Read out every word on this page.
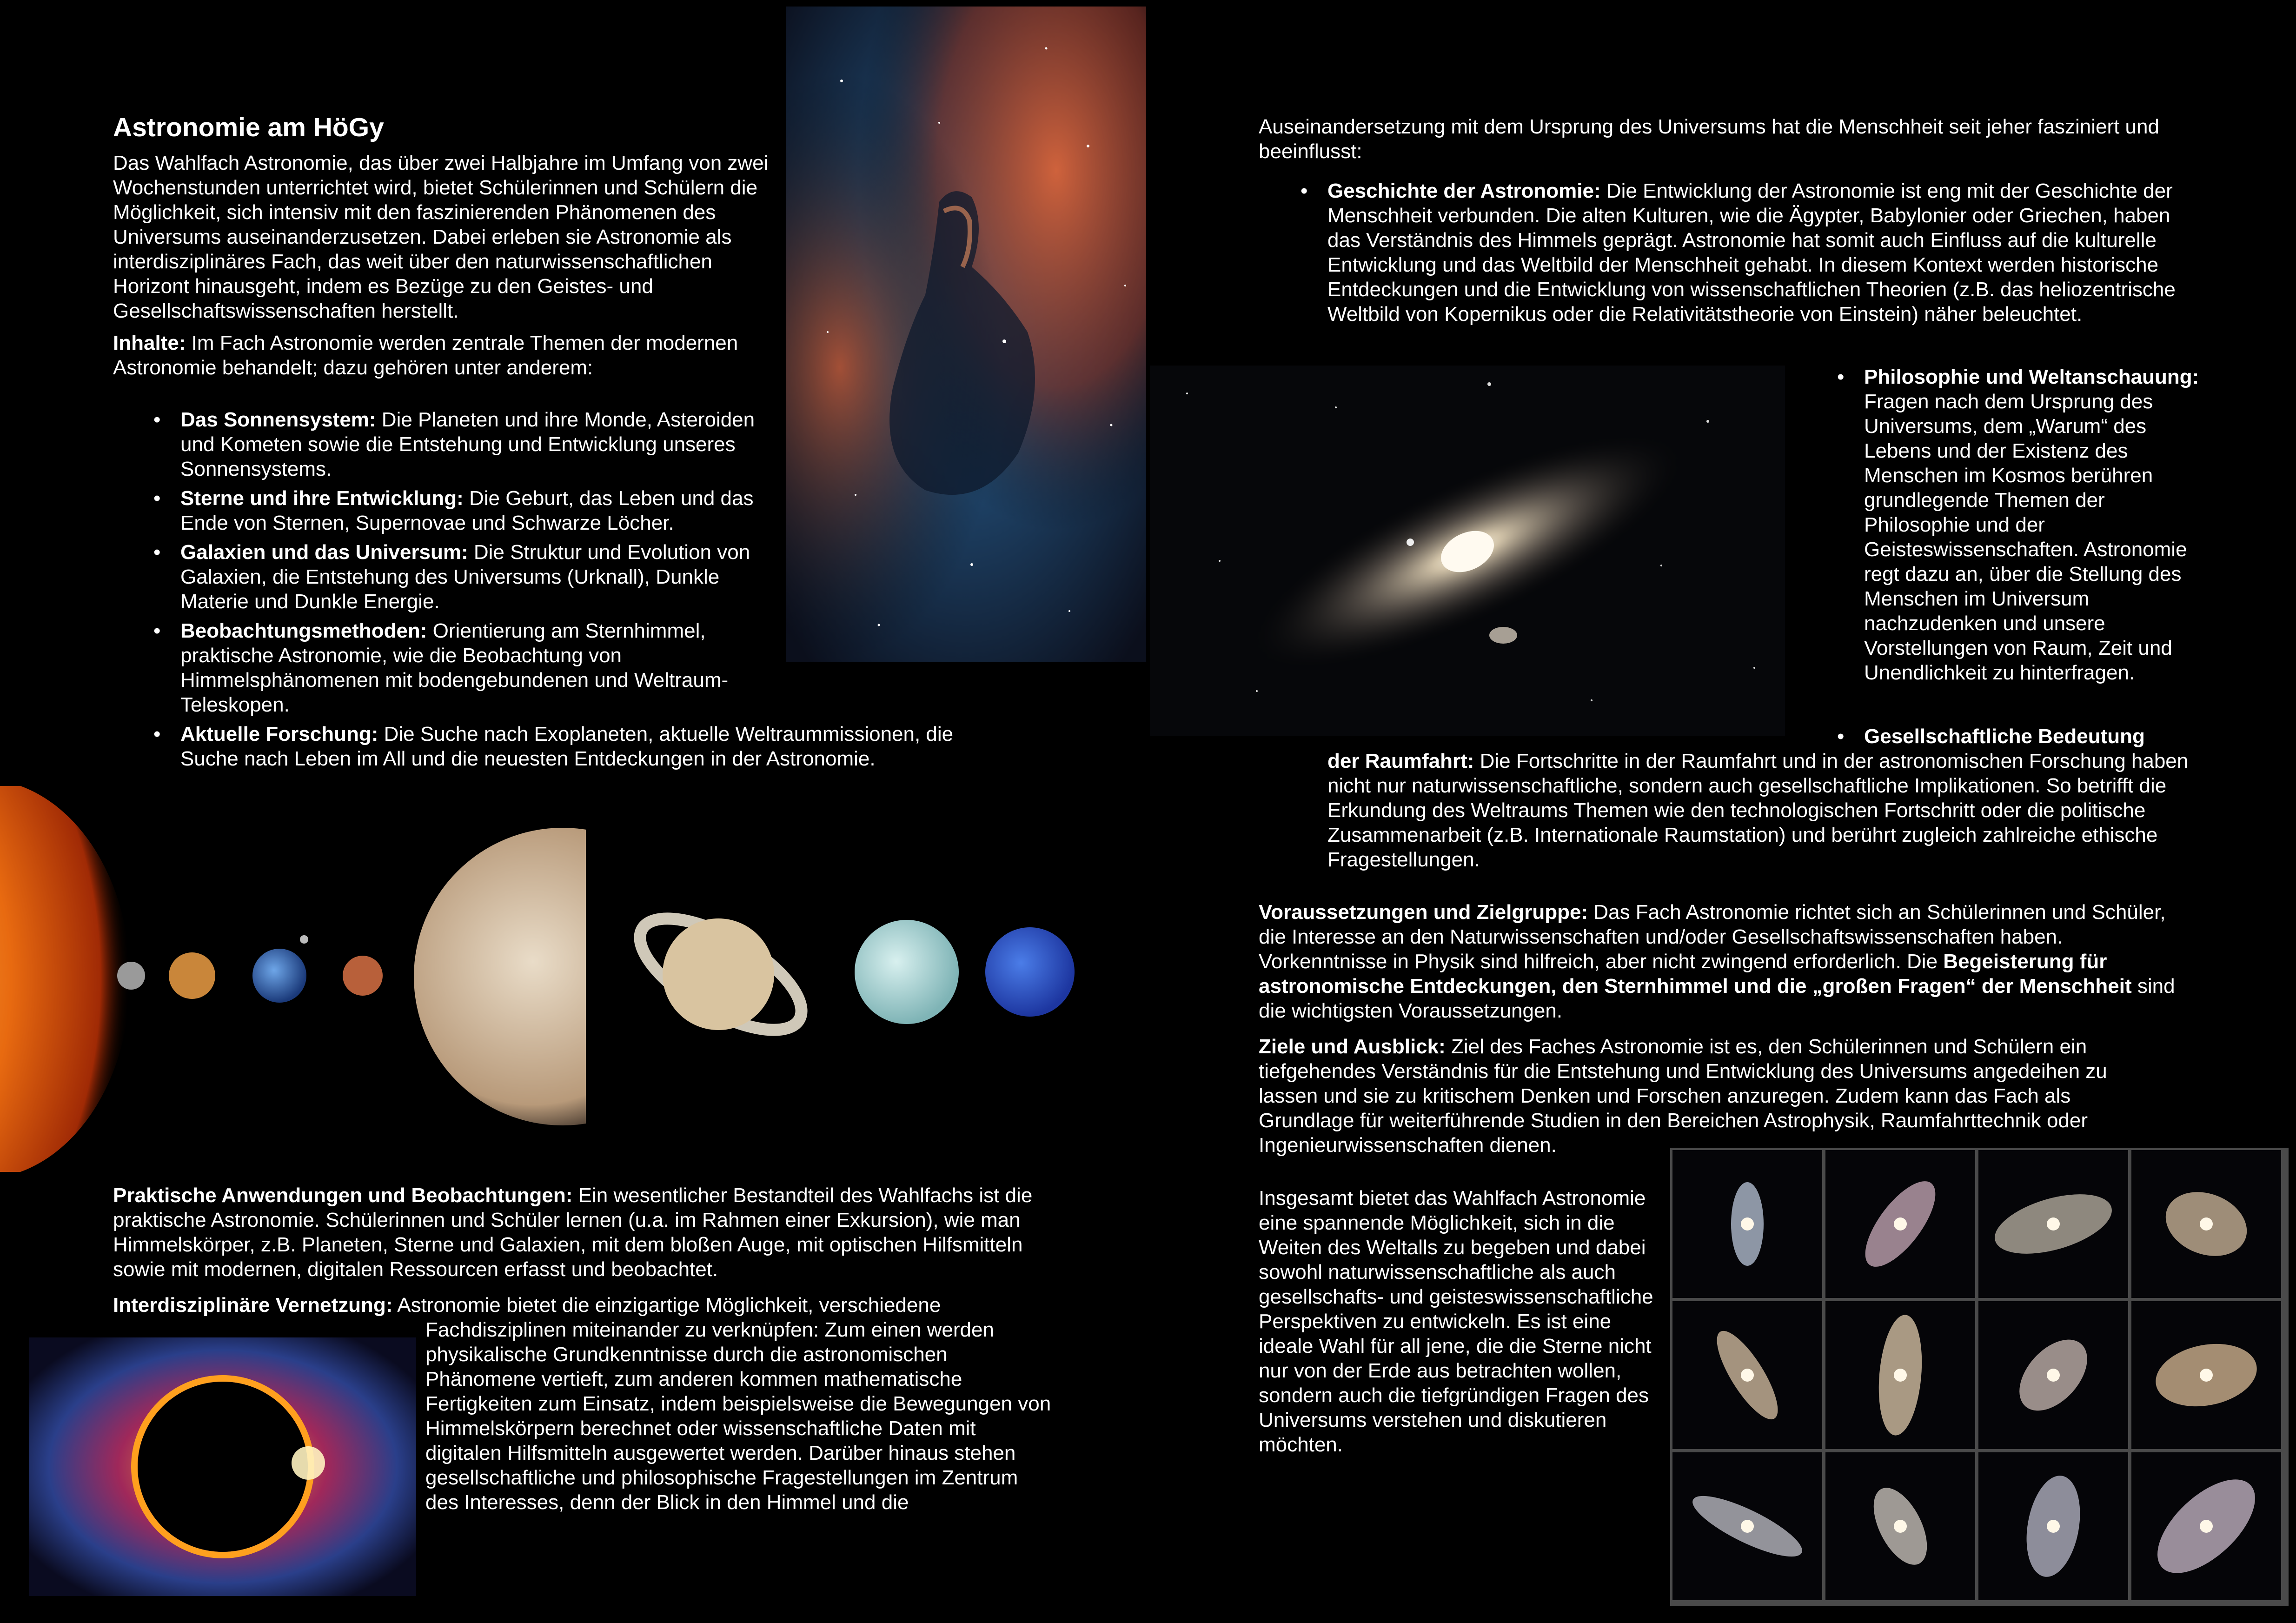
Astronomie am HöGy

Das Wahlfach Astronomie, das über zwei Halbjahre im Umfang von zwei Wochenstunden unterrichtet wird, bietet Schülerinnen und Schülern die Möglichkeit, sich intensiv mit den faszinierenden Phänomenen des Universums auseinanderzusetzen. Dabei erleben sie Astronomie als interdisziplinäres Fach, das weit über den naturwissenschaftlichen Horizont hinausgeht, indem es Bezüge zu den Geistes- und Gesellschaftswissenschaften herstellt.

Inhalte: Im Fach Astronomie werden zentrale Themen der modernen Astronomie behandelt; dazu gehören unter anderem:

• Das Sonnensystem: Die Planeten und ihre Monde, Asteroiden und Kometen sowie die Entstehung und Entwicklung unseres Sonnensystems.
• Sterne und ihre Entwicklung: Die Geburt, das Leben und das Ende von Sternen, Supernovae und Schwarze Löcher.
• Galaxien und das Universum: Die Struktur und Evolution von Galaxien, die Entstehung des Universums (Urknall), Dunkle Materie und Dunkle Energie.
• Beobachtungsmethoden: Orientierung am Sternhimmel, praktische Astronomie, wie die Beobachtung von Himmelsphänomenen mit bodengebundenen und Weltraum-Teleskopen.
• Aktuelle Forschung: Die Suche nach Exoplaneten, aktuelle Weltraummissionen, die Suche nach Leben im All und die neuesten Entdeckungen in der Astronomie.
Praktische Anwendungen und Beobachtungen: Ein wesentlicher Bestandteil des Wahlfachs ist die praktische Astronomie. Schülerinnen und Schüler lernen (u.a. im Rahmen einer Exkursion), wie man Himmelskörper, z.B. Planeten, Sterne und Galaxien, mit dem bloßen Auge, mit optischen Hilfsmitteln sowie mit modernen, digitalen Ressourcen erfasst und beobachtet.
Interdisziplinäre Vernetzung: Astronomie bietet die einzigartige Möglichkeit, verschiedene
Fachdisziplinen miteinander zu verknüpfen: Zum einen werden physikalische Grundkenntnisse durch die astronomischen Phänomene vertieft, zum anderen kommen mathematische Fertigkeiten zum Einsatz, indem beispielsweise die Bewegungen von Himmelskörpern berechnet oder wissenschaftliche Daten mit digitalen Hilfsmitteln ausgewertet werden. Darüber hinaus stehen gesellschaftliche und philosophische Fragestellungen im Zentrum des Interesses, denn der Blick in den Himmel und die
Auseinandersetzung mit dem Ursprung des Universums hat die Menschheit seit jeher fasziniert und beeinflusst:
• Geschichte der Astronomie: Die Entwicklung der Astronomie ist eng mit der Geschichte der Menschheit verbunden. Die alten Kulturen, wie die Ägypter, Babylonier oder Griechen, haben das Verständnis des Himmels geprägt. Astronomie hat somit auch Einfluss auf die kulturelle Entwicklung und das Weltbild der Menschheit gehabt. In diesem Kontext werden historische Entdeckungen und die Entwicklung von wissenschaftlichen Theorien (z.B. das heliozentrische Weltbild von Kopernikus oder die Relativitätstheorie von Einstein) näher beleuchtet.
• Philosophie und Weltanschauung: Fragen nach dem Ursprung des Universums, dem „Warum“ des Lebens und der Existenz des Menschen im Kosmos berühren grundlegende Themen der Philosophie und der Geisteswissenschaften. Astronomie regt dazu an, über die Stellung des Menschen im Universum nachzudenken und unsere Vorstellungen von Raum, Zeit und Unendlichkeit zu hinterfragen.
• Gesellschaftliche Bedeutung
der Raumfahrt: Die Fortschritte in der Raumfahrt und in der astronomischen Forschung haben nicht nur naturwissenschaftliche, sondern auch gesellschaftliche Implikationen. So betrifft die Erkundung des Weltraums Themen wie den technologischen Fortschritt oder die politische Zusammenarbeit (z.B. Internationale Raumstation) und berührt zugleich zahlreiche ethische Fragestellungen.
Voraussetzungen und Zielgruppe: Das Fach Astronomie richtet sich an Schülerinnen und Schüler, die Interesse an den Naturwissenschaften und/oder Gesellschaftswissenschaften haben. Vorkenntnisse in Physik sind hilfreich, aber nicht zwingend erforderlich. Die Begeisterung für astronomische Entdeckungen, den Sternhimmel und die „großen Fragen“ der Menschheit sind die wichtigsten Voraussetzungen.
Ziele und Ausblick: Ziel des Faches Astronomie ist es, den Schülerinnen und Schülern ein tiefgehendes Verständnis für die Entstehung und Entwicklung des Universums angedeihen zu lassen und sie zu kritischem Denken und Forschen anzuregen. Zudem kann das Fach als Grundlage für weiterführende Studien in den Bereichen Astrophysik, Raumfahrttechnik oder Ingenieurwissenschaften dienen.
Insgesamt bietet das Wahlfach Astronomie eine spannende Möglichkeit, sich in die Weiten des Weltalls zu begeben und dabei sowohl naturwissenschaftliche als auch gesellschafts- und geisteswissenschaftliche Perspektiven zu entwickeln. Es ist eine ideale Wahl für all jene, die die Sterne nicht nur von der Erde aus betrachten wollen, sondern auch die tiefgründigen Fragen des Universums verstehen und diskutieren möchten.
